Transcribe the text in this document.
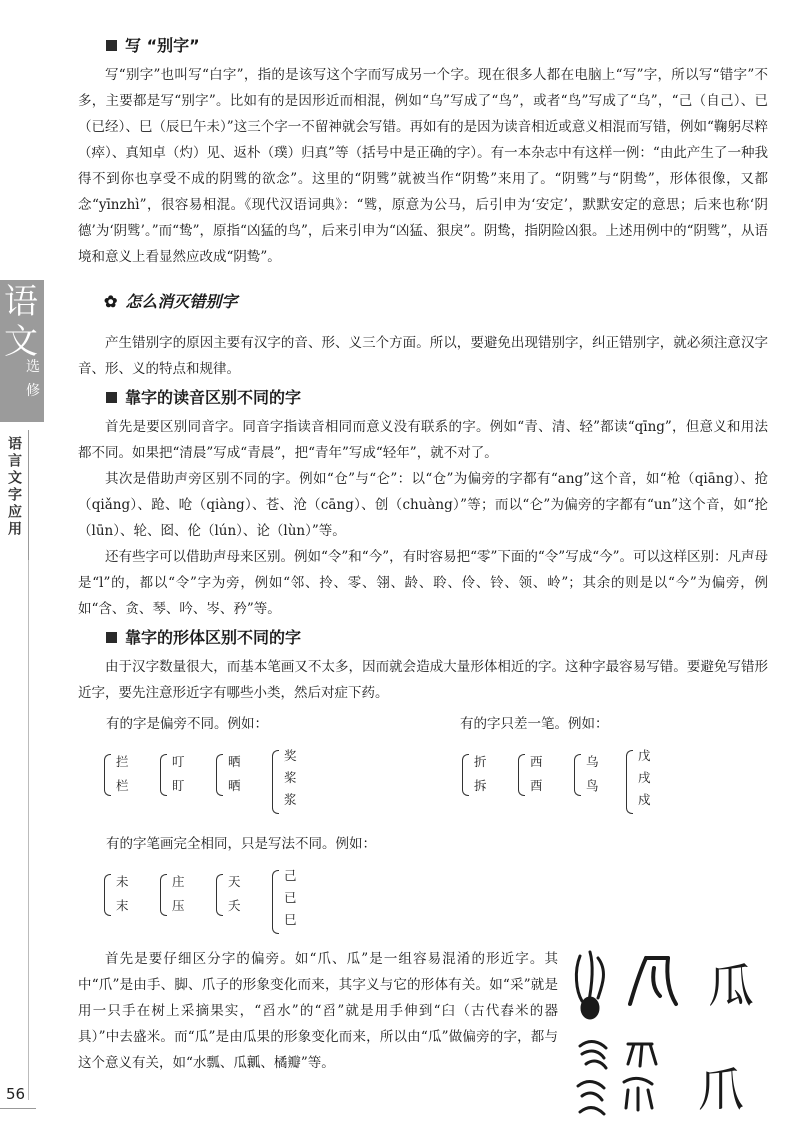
语
文
选
修
语言文字应用
56
写 “别字”

写“别字”也叫写“白字”，指的是该写这个字而写成另一个字。现在很多人都在电脑上“写”字，所以写“错字”不多，主要都是写“别字”。比如有的是因形近而相混，例如“乌”写成了“鸟”，或者“鸟”写成了“乌”，“己（自己）、已（已经）、巳（辰巳午未）”这三个字一不留神就会写错。再如有的是因为读音相近或意义相混而写错，例如“鞠躬尽粹（瘁）、真知卓（灼）见、返朴（璞）归真”等（括号中是正确的字）。有一本杂志中有这样一例：“由此产生了一种我得不到你也享受不成的阴骘的欲念”。这里的“阴骘”就被当作“阴鸷”来用了。“阴骘”与“阴鸷”，形体很像，又都念“yīnzhì”，很容易相混。《现代汉语词典》：“骘，原意为公马，后引申为‘安定’，默默安定的意思；后来也称‘阴德’为‘阴骘’。”而“鸷”，原指“凶猛的鸟”，后来引申为“凶猛、狠戾”。阴鸷，指阴险凶狠。上述用例中的“阴骘”，从语境和意义上看显然应改成“阴鸷”。

✿ 怎么消灭错别字

产生错别字的原因主要有汉字的音、形、义三个方面。所以，要避免出现错别字，纠正错别字，就必须注意汉字音、形、义的特点和规律。

靠字的读音区别不同的字

首先是要区别同音字。同音字指读音相同而意义没有联系的字。例如“青、清、轻”都读“qīng”，但意义和用法都不同。如果把“清晨”写成“青晨”，把“青年”写成“轻年”，就不对了。

其次是借助声旁区别不同的字。例如“仓”与“仑”：以“仓”为偏旁的字都有“ang”这个音，如“枪（qiāng）、抢（qiǎng）、跄、呛（qiàng）、苍、沧（cāng）、创（chuàng）”等；而以“仑”为偏旁的字都有“un”这个音，如“抡（lūn）、轮、囵、伦（lún）、论（lùn）”等。

还有些字可以借助声母来区别。例如“令”和“今”，有时容易把“零”下面的“令”写成“今”。可以这样区别：凡声母是“l”的，都以“令”字为旁，例如“邻、拎、零、翎、龄、聆、伶、铃、领、岭”；其余的则是以“今”为偏旁，例如“含、贪、琴、吟、岑、矜”等。

靠字的形体区别不同的字

由于汉字数量很大，而基本笔画又不太多，因而就会造成大量形体相近的字。这种字最容易写错。要避免写错形近字，要先注意形近字有哪些小类，然后对症下药。

有的字是偏旁不同。例如：	有的字只差一笔。例如：
拦
栏
叮
盯
晒
晒
奖
桨
浆
折
拆
西
酉
乌
鸟
戊
戌
戍
有的字笔画完全相同，只是写法不同。例如：
未
末
庄
压
天
夭
己
已
巳

首先是要仔细区分字的偏旁。如“爪、瓜”是一组容易混淆的形近字。其中“爪”是由手、脚、爪子的形象变化而来，其字义与它的形体有关。如“采”就是用一只手在树上采摘果实，“舀水”的“舀”就是用手伸到“臼（古代舂米的器具）”中去盛米。而“瓜”是由瓜果的形象变化而来，所以由“瓜”做偏旁的字，都与这个意义有关，如“水瓢、瓜瓤、橘瓣”等。

瓜
爪
瓜
